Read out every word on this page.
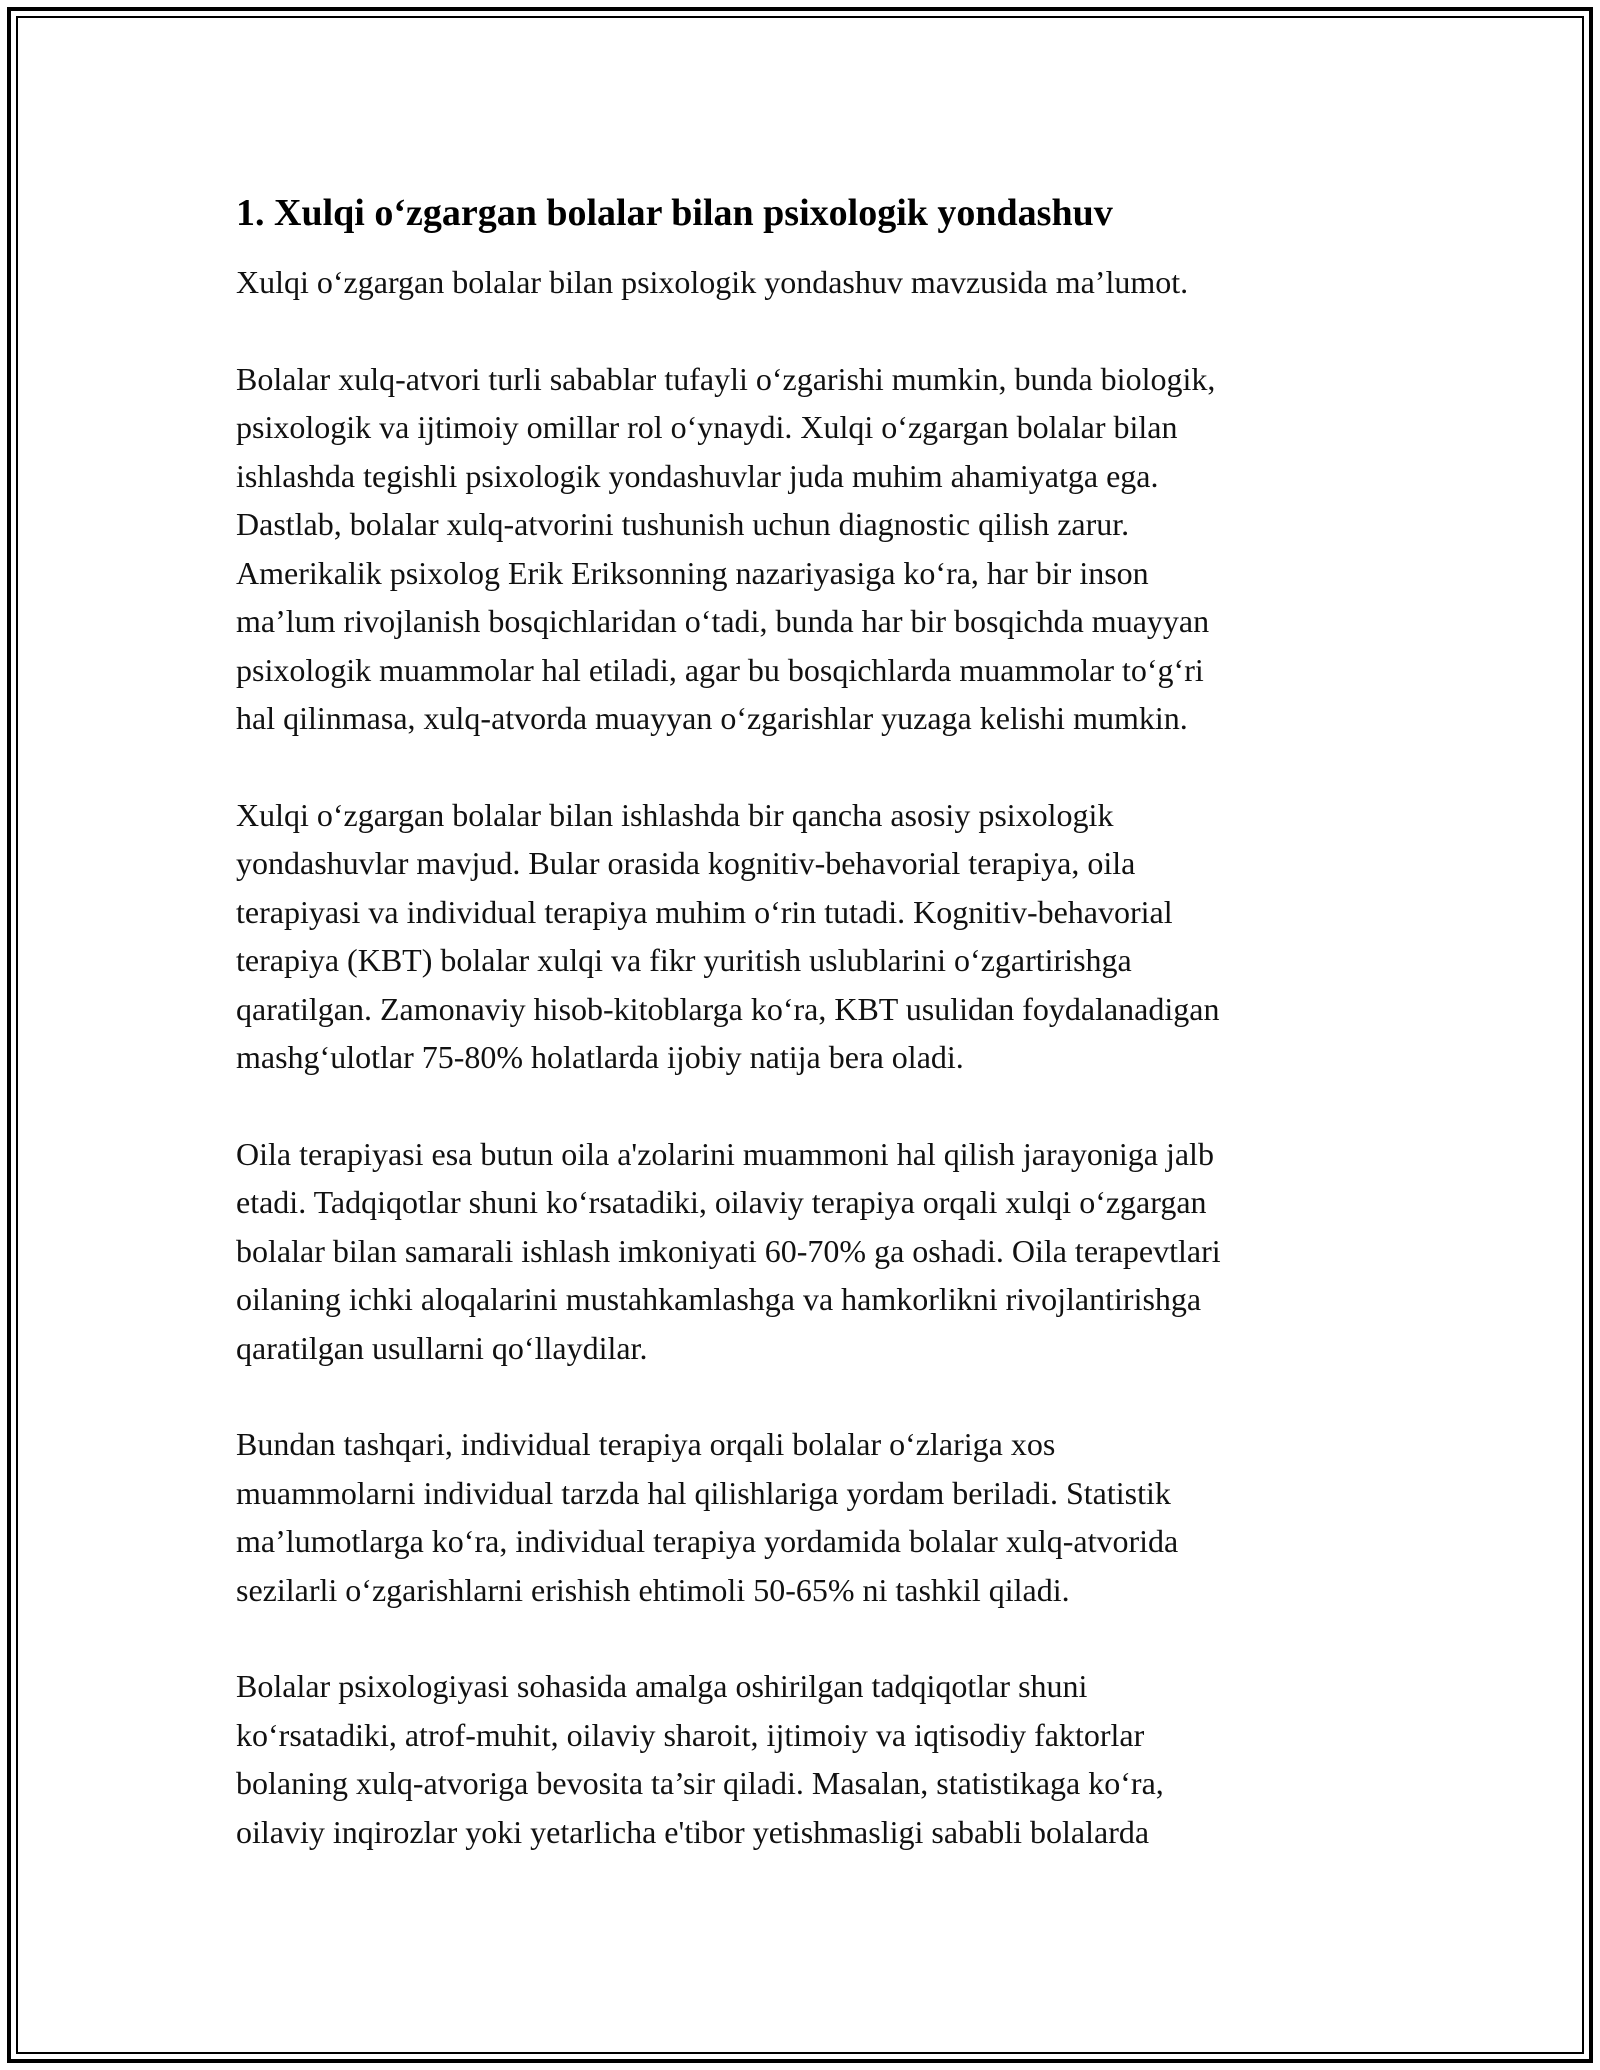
1. Xulqi o‘zgargan bolalar bilan psixologik yondashuv

Xulqi o‘zgargan bolalar bilan psixologik yondashuv mavzusida ma’lumot.

Bolalar xulq-atvori turli sabablar tufayli o‘zgarishi mumkin, bunda biologik,
psixologik va ijtimoiy omillar rol o‘ynaydi. Xulqi o‘zgargan bolalar bilan
ishlashda tegishli psixologik yondashuvlar juda muhim ahamiyatga ega.
Dastlab, bolalar xulq-atvorini tushunish uchun diagnostic qilish zarur.
Amerikalik psixolog Erik Eriksonning nazariyasiga ko‘ra, har bir inson
ma’lum rivojlanish bosqichlaridan o‘tadi, bunda har bir bosqichda muayyan
psixologik muammolar hal etiladi, agar bu bosqichlarda muammolar to‘g‘ri
hal qilinmasa, xulq-atvorda muayyan o‘zgarishlar yuzaga kelishi mumkin.

Xulqi o‘zgargan bolalar bilan ishlashda bir qancha asosiy psixologik
yondashuvlar mavjud. Bular orasida kognitiv-behavorial terapiya, oila
terapiyasi va individual terapiya muhim o‘rin tutadi. Kognitiv-behavorial
terapiya (KBT) bolalar xulqi va fikr yuritish uslublarini o‘zgartirishga
qaratilgan. Zamonaviy hisob-kitoblarga ko‘ra, KBT usulidan foydalanadigan
mashg‘ulotlar 75-80% holatlarda ijobiy natija bera oladi.

Oila terapiyasi esa butun oila a'zolarini muammoni hal qilish jarayoniga jalb
etadi. Tadqiqotlar shuni ko‘rsatadiki, oilaviy terapiya orqali xulqi o‘zgargan
bolalar bilan samarali ishlash imkoniyati 60-70% ga oshadi. Oila terapevtlari
oilaning ichki aloqalarini mustahkamlashga va hamkorlikni rivojlantirishga
qaratilgan usullarni qo‘llaydilar.

Bundan tashqari, individual terapiya orqali bolalar o‘zlariga xos
muammolarni individual tarzda hal qilishlariga yordam beriladi. Statistik
ma’lumotlarga ko‘ra, individual terapiya yordamida bolalar xulq-atvorida
sezilarli o‘zgarishlarni erishish ehtimoli 50-65% ni tashkil qiladi.

Bolalar psixologiyasi sohasida amalga oshirilgan tadqiqotlar shuni
ko‘rsatadiki, atrof-muhit, oilaviy sharoit, ijtimoiy va iqtisodiy faktorlar
bolaning xulq-atvoriga bevosita ta’sir qiladi. Masalan, statistikaga ko‘ra,
oilaviy inqirozlar yoki yetarlicha e'tibor yetishmasligi sababli bolalarda
